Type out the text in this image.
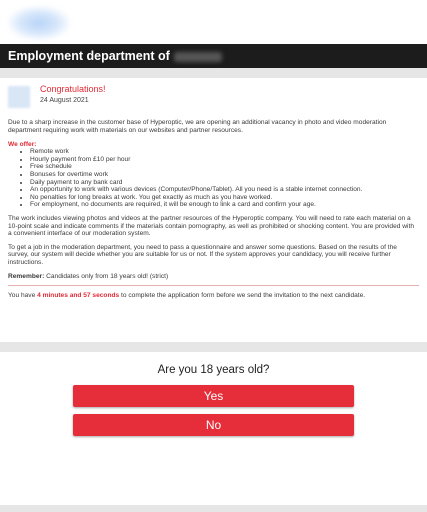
Employment department of
Congratulations!
24 August 2021

Due to a sharp increase in the customer base of Hyperoptic, we are opening an additional vacancy in photo and video moderation department requiring work with materials on our websites and partner resources.

We offer:
• Remote work
• Hourly payment from £10 per hour
• Free schedule
• Bonuses for overtime work
• Daily payment to any bank card
• An opportunity to work with various devices (Computer/Phone/Tablet). All you need is a stable internet connection.
• No penalties for long breaks at work. You get exactly as much as you have worked.
• For employment, no documents are required, it will be enough to link a card and confirm your age.

The work includes viewing photos and videos at the partner resources of the Hyperoptic company. You will need to rate each material on a 10-point scale and indicate comments if the materials contain pornography, as well as prohibited or shocking content. You are provided with a convenient interface of our moderation system.

To get a job in the moderation department, you need to pass a questionnaire and answer some questions. Based on the results of the survey, our system will decide whether you are suitable for us or not. If the system approves your candidacy, you will receive further instructions.

Remember: Candidates only from 18 years old! (strict)

You have 4 minutes and 57 seconds to complete the application form before we send the invitation to the next candidate.

Are you 18 years old?
Yes
No
